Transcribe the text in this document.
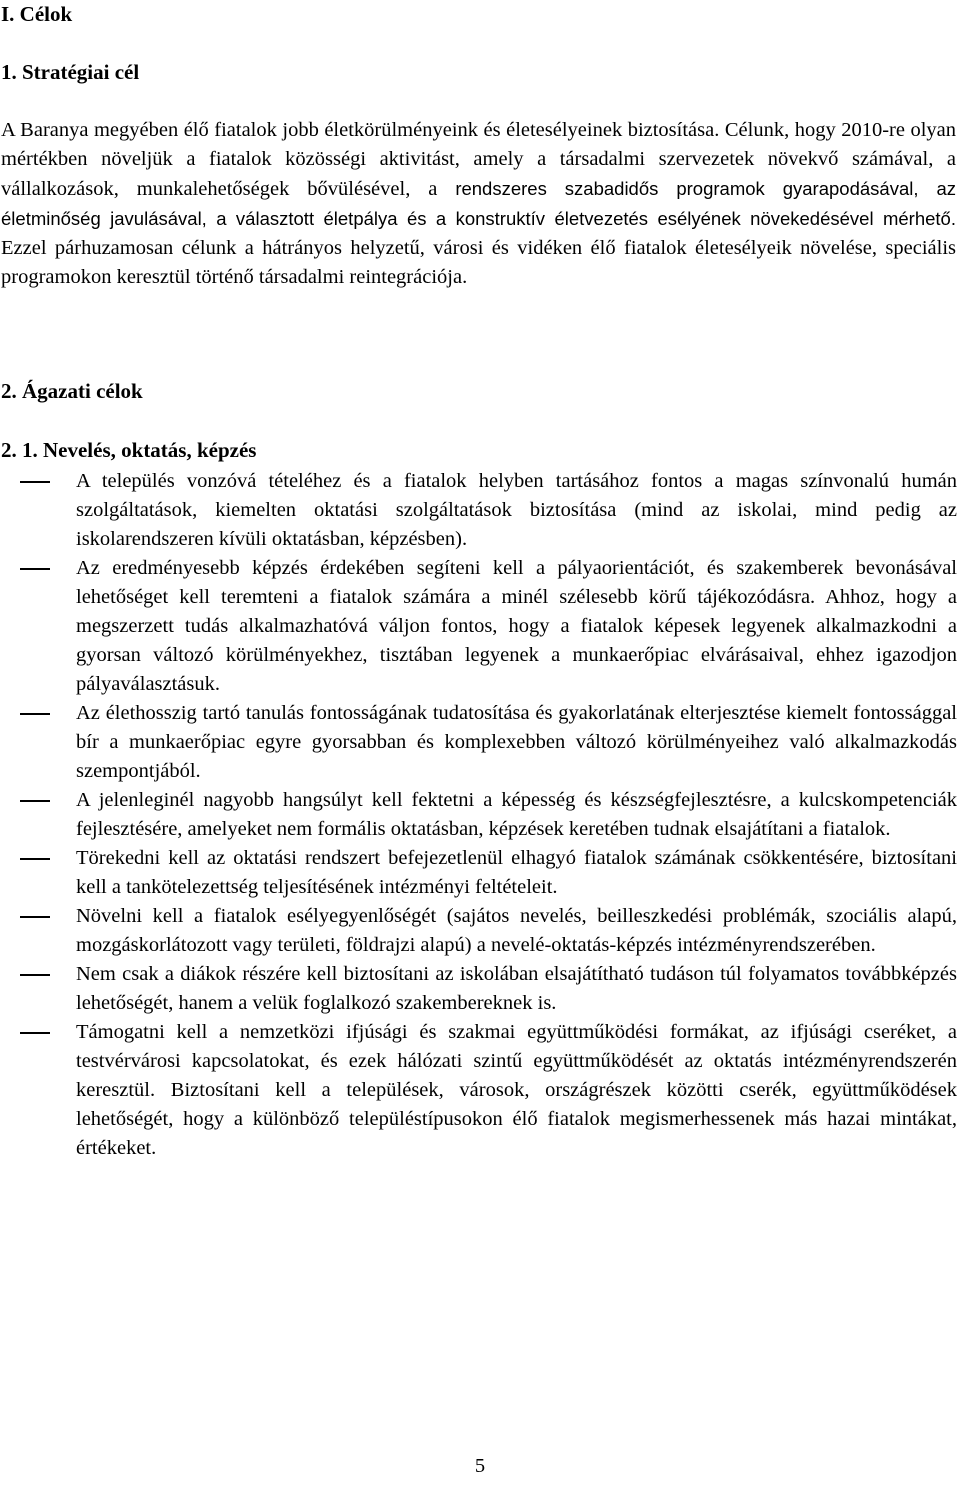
I. Célok
1. Stratégiai cél
A Baranya megyében élő fiatalok jobb életkörülményeink és életesélyeinek biztosítása. Célunk, hogy 2010-re olyan mértékben növeljük a fiatalok közösségi aktivitást, amely a társadalmi szervezetek növekvő számával, a vállalkozások, munkalehetőségek bővülésével, a rendszeres szabadidős programok gyarapodásával, az életminőség javulásával, a választott életpálya és a konstruktív életvezetés esélyének növekedésével mérhető. Ezzel párhuzamosan célunk a hátrányos helyzetű, városi és vidéken élő fiatalok életesélyeik növelése, speciális programokon keresztül történő társadalmi reintegrációja.
2. Ágazati célok
2. 1. Nevelés, oktatás, képzés
A település vonzóvá tételéhez és a fiatalok helyben tartásához fontos a magas színvonalú humán szolgáltatások, kiemelten oktatási szolgáltatások biztosítása (mind az iskolai, mind pedig az iskolarendszeren kívüli oktatásban, képzésben).
Az eredményesebb képzés érdekében segíteni kell a pályaorientációt, és szakemberek bevonásával lehetőséget kell teremteni a fiatalok számára a minél szélesebb körű tájékozódásra. Ahhoz, hogy a megszerzett tudás alkalmazhatóvá váljon fontos, hogy a fiatalok képesek legyenek alkalmazkodni a gyorsan változó körülményekhez, tisztában legyenek a munkaerőpiac elvárásaival, ehhez igazodjon pályaválasztásuk.
Az élethosszig tartó tanulás fontosságának tudatosítása és gyakorlatának elterjesztése kiemelt fontossággal bír a munkaerőpiac egyre gyorsabban és komplexebben változó körülményeihez való alkalmazkodás szempontjából.
A jelenleginél nagyobb hangsúlyt kell fektetni a képesség és készségfejlesztésre, a kulcskompetenciák fejlesztésére, amelyeket nem formális oktatásban, képzések keretében tudnak elsajátítani a fiatalok.
Törekedni kell az oktatási rendszert befejezetlenül elhagyó fiatalok számának csökkentésére, biztosítani kell a tankötelezettség teljesítésének intézményi feltételeit.
Növelni kell a fiatalok esélyegyenlőségét (sajátos nevelés, beilleszkedési problémák, szociális alapú, mozgáskorlátozott vagy területi, földrajzi alapú) a nevelé-oktatás-képzés intézményrendszerében.
Nem csak a diákok részére kell biztosítani az iskolában elsajátítható tudáson túl folyamatos továbbképzés lehetőségét, hanem a velük foglalkozó szakembereknek is.
Támogatni kell a nemzetközi ifjúsági és szakmai együttműködési formákat, az ifjúsági cseréket, a testvérvárosi kapcsolatokat, és ezek hálózati szintű együttműködését az oktatás intézményrendszerén keresztül. Biztosítani kell a települések, városok, országrészek közötti cserék, együttműködések lehetőségét, hogy a különböző településtípusokon élő fiatalok megismerhessenek más hazai mintákat, értékeket.
5
